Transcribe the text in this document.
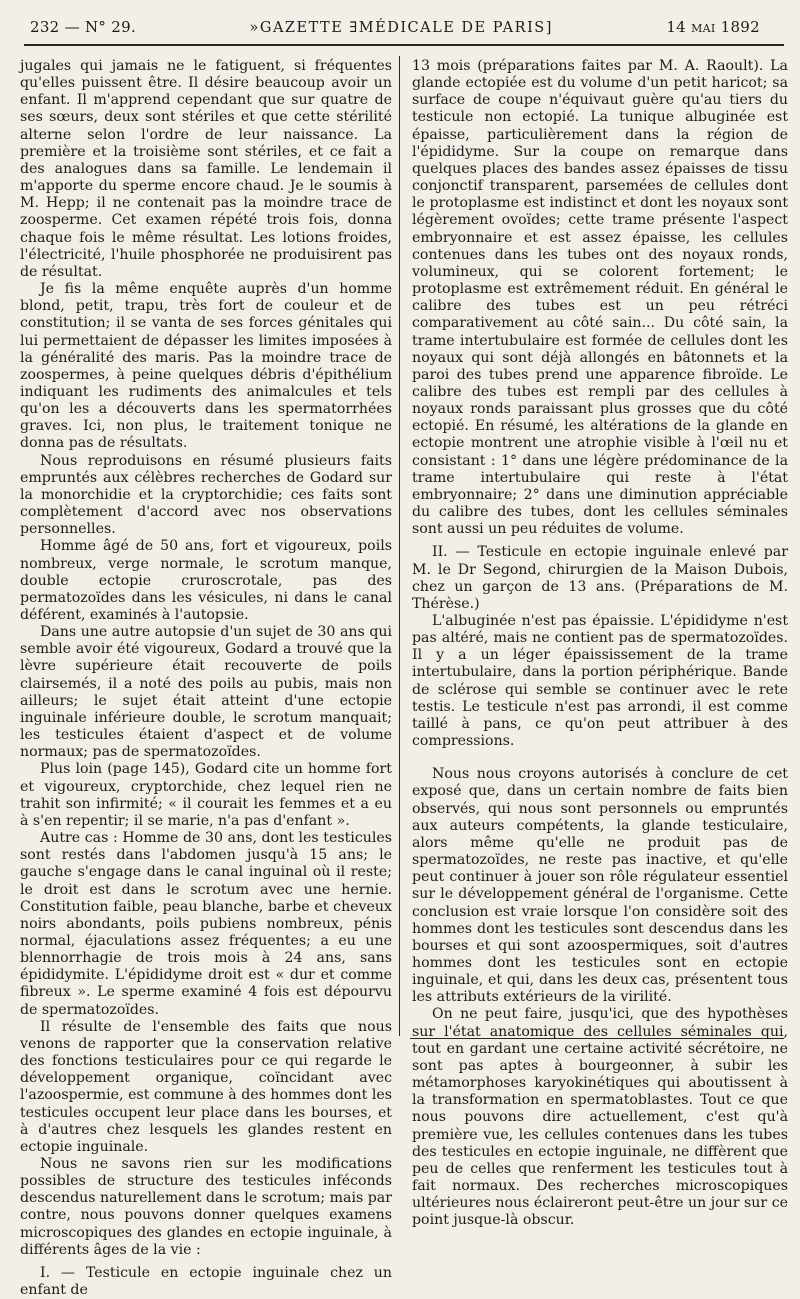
232 — N° 29.	»GAZETTE ∃MÉDICALE DE PARIS]	14 MAI 1892

jugales qui jamais ne le fatiguent, si fréquentes qu'elles puissent être. Il désire beaucoup avoir un enfant. Il m'apprend cependant que sur quatre de ses sœurs, deux sont stériles et que cette stérilité alterne selon l'ordre de leur naissance. La première et la troisième sont stériles, et ce fait a des analogues dans sa famille. Le lendemain il m'apporte du sperme encore chaud. Je le soumis à M. Hepp; il ne contenait pas la moindre trace de zoosperme. Cet examen répété trois fois, donna chaque fois le même résultat. Les lotions froides, l'électricité, l'huile phosphorée ne produisirent pas de résultat.

Je fis la même enquête auprès d'un homme blond, petit, trapu, très fort de couleur et de constitution; il se vanta de ses forces génitales qui lui permettaient de dépasser les limites imposées à la généralité des maris. Pas la moindre trace de zoospermes, à peine quelques débris d'épithélium indiquant les rudiments des animalcules et tels qu'on les a découverts dans les spermatorrhées graves. Ici, non plus, le traitement tonique ne donna pas de résultats.

Nous reproduisons en résumé plusieurs faits empruntés aux célèbres recherches de Godard sur la monorchidie et la cryptorchidie; ces faits sont complètement d'accord avec nos observations personnelles.

Homme âgé de 50 ans, fort et vigoureux, poils nombreux, verge normale, le scrotum manque, double ectopie cruroscrotale, pas des permatozoïdes dans les vésicules, ni dans le canal déférent, examinés à l'autopsie.

Dans une autre autopsie d'un sujet de 30 ans qui semble avoir été vigoureux, Godard a trouvé que la lèvre supérieure était recouverte de poils clairsemés, il a noté des poils au pubis, mais non ailleurs; le sujet était atteint d'une ectopie inguinale inférieure double, le scrotum manquait; les testicules étaient d'aspect et de volume normaux; pas de spermatozoïdes.

Plus loin (page 145), Godard cite un homme fort et vigoureux, cryptorchide, chez lequel rien ne trahit son infirmité; « il courait les femmes et a eu à s'en repentir; il se marie, n'a pas d'enfant ».

Autre cas : Homme de 30 ans, dont les testicules sont restés dans l'abdomen jusqu'à 15 ans; le gauche s'engage dans le canal inguinal où il reste; le droit est dans le scrotum avec une hernie. Constitution faible, peau blanche, barbe et cheveux noirs abondants, poils pubiens nombreux, pénis normal, éjaculations assez fréquentes; a eu une blennorrhagie de trois mois à 24 ans, sans épididymite. L'épididyme droit est « dur et comme fibreux ». Le sperme examiné 4 fois est dépourvu de spermatozoïdes.

Il résulte de l'ensemble des faits que nous venons de rapporter que la conservation relative des fonctions testiculaires pour ce qui regarde le développement organique, coïncidant avec l'azoospermie, est commune à des hommes dont les testicules occupent leur place dans les bourses, et à d'autres chez lesquels les glandes restent en ectopie inguinale.

Nous ne savons rien sur les modifications possibles de structure des testicules inféconds descendus naturellement dans le scrotum; mais par contre, nous pouvons donner quelques examens microscopiques des glandes en ectopie inguinale, à différents âges de la vie :

I. — Testicule en ectopie inguinale chez un enfant de

13 mois (préparations faites par M. A. Raoult). La glande ectopiée est du volume d'un petit haricot; sa surface de coupe n'équivaut guère qu'au tiers du testicule non ectopié. La tunique albuginée est épaisse, particulièrement dans la région de l'épididyme. Sur la coupe on remarque dans quelques places des bandes assez épaisses de tissu conjonctif transparent, parsemées de cellules dont le protoplasme est indistinct et dont les noyaux sont légèrement ovoïdes; cette trame présente l'aspect embryonnaire et est assez épaisse, les cellules contenues dans les tubes ont des noyaux ronds, volumineux, qui se colorent fortement; le protoplasme est extrêmement réduit. En général le calibre des tubes est un peu rétréci comparativement au côté sain... Du côté sain, la trame intertubulaire est formée de cellules dont les noyaux qui sont déjà allongés en bâtonnets et la paroi des tubes prend une apparence fibroïde. Le calibre des tubes est rempli par des cellules à noyaux ronds paraissant plus grosses que du côté ectopié. En résumé, les altérations de la glande en ectopie montrent une atrophie visible à l'œil nu et consistant : 1° dans une légère prédominance de la trame intertubulaire qui reste à l'état embryonnaire; 2° dans une diminution appréciable du calibre des tubes, dont les cellules séminales sont aussi un peu réduites de volume.

II. — Testicule en ectopie inguinale enlevé par M. le Dr Segond, chirurgien de la Maison Dubois, chez un garçon de 13 ans. (Préparations de M. Thérèse.)

L'albuginée n'est pas épaissie. L'épididyme n'est pas altéré, mais ne contient pas de spermatozoïdes. Il y a un léger épaississement de la trame intertubulaire, dans la portion périphérique. Bande de sclérose qui semble se continuer avec le rete testis. Le testicule n'est pas arrondi, il est comme taillé à pans, ce qu'on peut attribuer à des compressions.

Nous nous croyons autorisés à conclure de cet exposé que, dans un certain nombre de faits bien observés, qui nous sont personnels ou empruntés aux auteurs compétents, la glande testiculaire, alors même qu'elle ne produit pas de spermatozoïdes, ne reste pas inactive, et qu'elle peut continuer à jouer son rôle régulateur essentiel sur le développement général de l'organisme. Cette conclusion est vraie lorsque l'on considère soit des hommes dont les testicules sont descendus dans les bourses et qui sont azoospermiques, soit d'autres hommes dont les testicules sont en ectopie inguinale, et qui, dans les deux cas, présentent tous les attributs extérieurs de la virilité.

On ne peut faire, jusqu'ici, que des hypothèses sur l'état anatomique des cellules séminales qui, tout en gardant une certaine activité sécrétoire, ne sont pas aptes à bourgeonner, à subir les métamorphoses karyokinétiques qui aboutissent à la transformation en spermatoblastes. Tout ce que nous pouvons dire actuellement, c'est qu'à première vue, les cellules contenues dans les tubes des testicules en ectopie inguinale, ne diffèrent que peu de celles que renferment les testicules tout à fait normaux. Des recherches microscopiques ultérieures nous éclaireront peut-être un jour sur ce point jusque-là obscur.
